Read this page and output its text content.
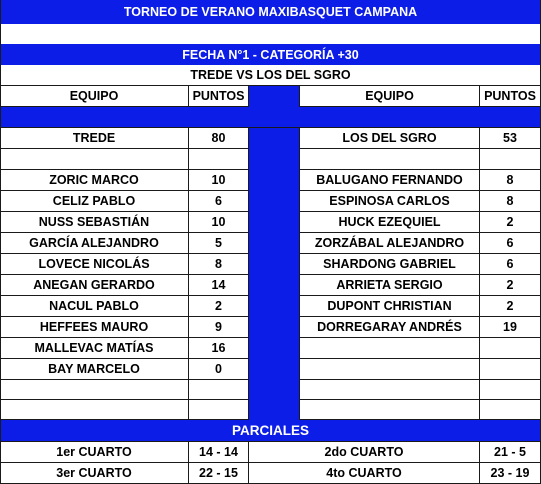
TORNEO DE VERANO MAXIBASQUET CAMPANA
FECHA N°1 - CATEGORÍA +30
TREDE VS LOS DEL SGRO
EQUIPO	PUNTOS	EQUIPO	PUNTOS
TREDE	80	LOS DEL SGRO	53
ZORIC MARCO	10	BALUGANO FERNANDO	8
CELIZ PABLO	6	ESPINOSA CARLOS	8
NUSS SEBASTIÁN	10	HUCK EZEQUIEL	2
GARCÍA ALEJANDRO	5	ZORZÁBAL ALEJANDRO	6
LOVECE NICOLÁS	8	SHARDONG GABRIEL	6
ANEGAN GERARDO	14	ARRIETA SERGIO	2
NACUL PABLO	2	DUPONT CHRISTIAN	2
HEFFEES MAURO	9	DORREGARAY ANDRÉS	19
MALLEVAC MATÍAS	16
BAY MARCELO	0
PARCIALES
1er CUARTO	14 - 14	2do CUARTO	21 - 5
3er CUARTO	22 - 15	4to CUARTO	23 - 19
